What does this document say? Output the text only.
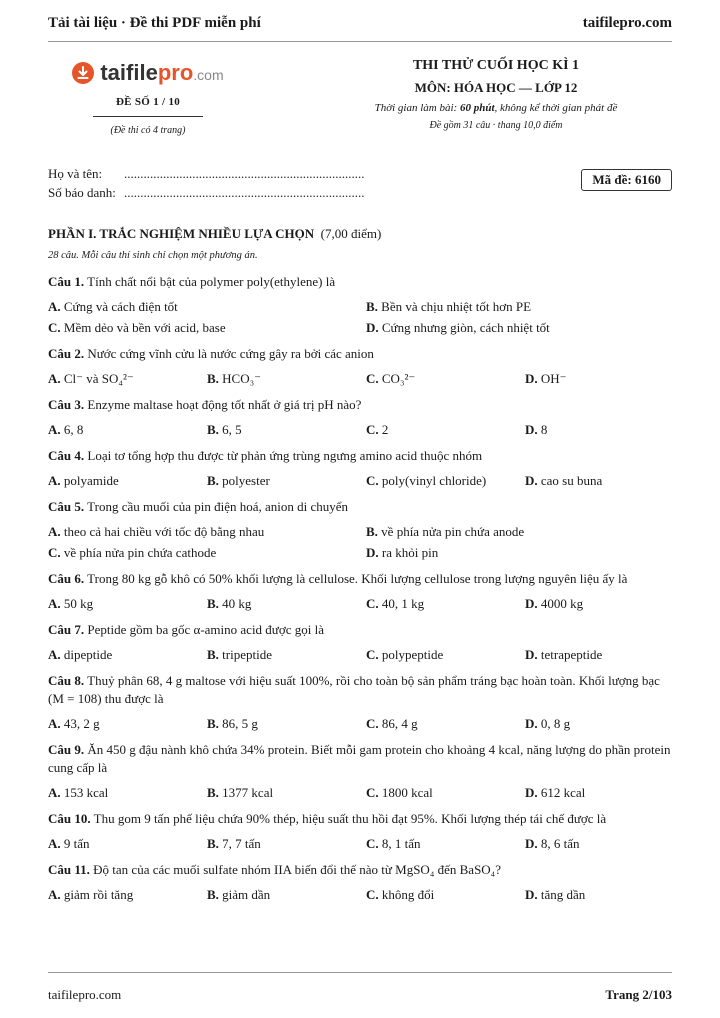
Tải tài liệu · Đề thi PDF miễn phí	taifilepro.com
taifilepro.com
ĐỀ SỐ 1 / 10
(Đề thi có 4 trang)
THI THỬ CUỐI HỌC KÌ 1
MÔN: HÓA HỌC — LỚP 12
Thời gian làm bài: 60 phút, không kể thời gian phát đề
Đề gồm 31 câu · thang 10,0 điểm
Họ và tên:	..........................................................................
Số báo danh: ..........................................................................
Mã đề: 6160
PHẦN I. TRẮC NGHIỆM NHIỀU LỰA CHỌN (7,00 điểm)
28 câu. Mỗi câu thí sinh chỉ chọn một phương án.
Câu 1. Tính chất nổi bật của polymer poly(ethylene) là
A. Cứng và cách điện tốt	B. Bền và chịu nhiệt tốt hơn PE
C. Mềm dẻo và bền với acid, base	D. Cứng nhưng giòn, cách nhiệt tốt
Câu 2. Nước cứng vĩnh cửu là nước cứng gây ra bởi các anion
A. Cl⁻ và SO₄²⁻	B. HCO₃⁻	C. CO₃²⁻	D. OH⁻
Câu 3. Enzyme maltase hoạt động tốt nhất ở giá trị pH nào?
A. 6, 8	B. 6, 5	C. 2	D. 8
Câu 4. Loại tơ tổng hợp thu được từ phản ứng trùng ngưng amino acid thuộc nhóm
A. polyamide	B. polyester	C. poly(vinyl chloride)	D. cao su buna
Câu 5. Trong cầu muối của pin điện hoá, anion di chuyển
A. theo cả hai chiều với tốc độ bằng nhau	B. về phía nửa pin chứa anode
C. về phía nửa pin chứa cathode	D. ra khỏi pin
Câu 6. Trong 80 kg gỗ khô có 50% khối lượng là cellulose. Khối lượng cellulose trong lượng nguyên liệu ấy là
A. 50 kg	B. 40 kg	C. 40, 1 kg	D. 4000 kg
Câu 7. Peptide gồm ba gốc α-amino acid được gọi là
A. dipeptide	B. tripeptide	C. polypeptide	D. tetrapeptide
Câu 8. Thuỷ phân 68, 4 g maltose với hiệu suất 100%, rồi cho toàn bộ sản phẩm tráng bạc hoàn toàn. Khối lượng bạc (M = 108) thu được là
A. 43, 2 g	B. 86, 5 g	C. 86, 4 g	D. 0, 8 g
Câu 9. Ăn 450 g đậu nành khô chứa 34% protein. Biết mỗi gam protein cho khoảng 4 kcal, năng lượng do phần protein cung cấp là
A. 153 kcal	B. 1377 kcal	C. 1800 kcal	D. 612 kcal
Câu 10. Thu gom 9 tấn phế liệu chứa 90% thép, hiệu suất thu hồi đạt 95%. Khối lượng thép tái chế được là
A. 9 tấn	B. 7, 7 tấn	C. 8, 1 tấn	D. 8, 6 tấn
Câu 11. Độ tan của các muối sulfate nhóm IIA biến đổi thế nào từ MgSO₄ đến BaSO₄?
A. giảm rồi tăng	B. giảm dần	C. không đổi	D. tăng dần
taifilepro.com	Trang 2/103
